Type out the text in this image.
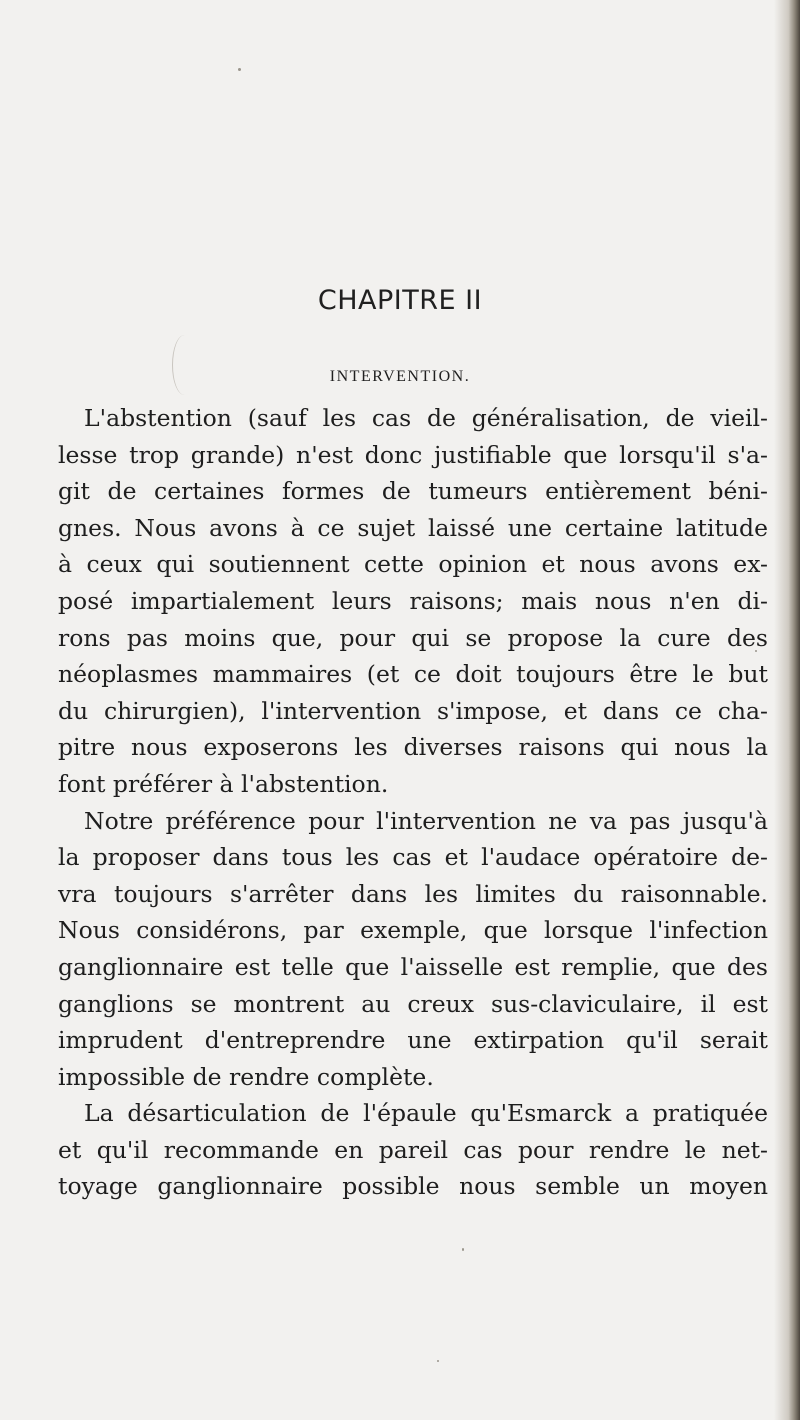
CHAPITRE II
INTERVENTION.
L'abstention (sauf les cas de généralisation, de vieil-
lesse trop grande) n'est donc justifiable que lorsqu'il s'a-
git de certaines formes de tumeurs entièrement béni-
gnes. Nous avons à ce sujet laissé une certaine latitude
à ceux qui soutiennent cette opinion et nous avons ex-
posé impartialement leurs raisons; mais nous n'en di-
rons pas moins que, pour qui se propose la cure des
néoplasmes mammaires (et ce doit toujours être le but
du chirurgien), l'intervention s'impose, et dans ce cha-
pitre nous exposerons les diverses raisons qui nous la
font préférer à l'abstention.
Notre préférence pour l'intervention ne va pas jusqu'à
la proposer dans tous les cas et l'audace opératoire de-
vra toujours s'arrêter dans les limites du raisonnable.
Nous considérons, par exemple, que lorsque l'infection
ganglionnaire est telle que l'aisselle est remplie, que des
ganglions se montrent au creux sus-claviculaire, il est
imprudent d'entreprendre une extirpation qu'il serait
impossible de rendre complète.
La désarticulation de l'épaule qu'Esmarck a pratiquée
et qu'il recommande en pareil cas pour rendre le net-
toyage ganglionnaire possible nous semble un moyen
